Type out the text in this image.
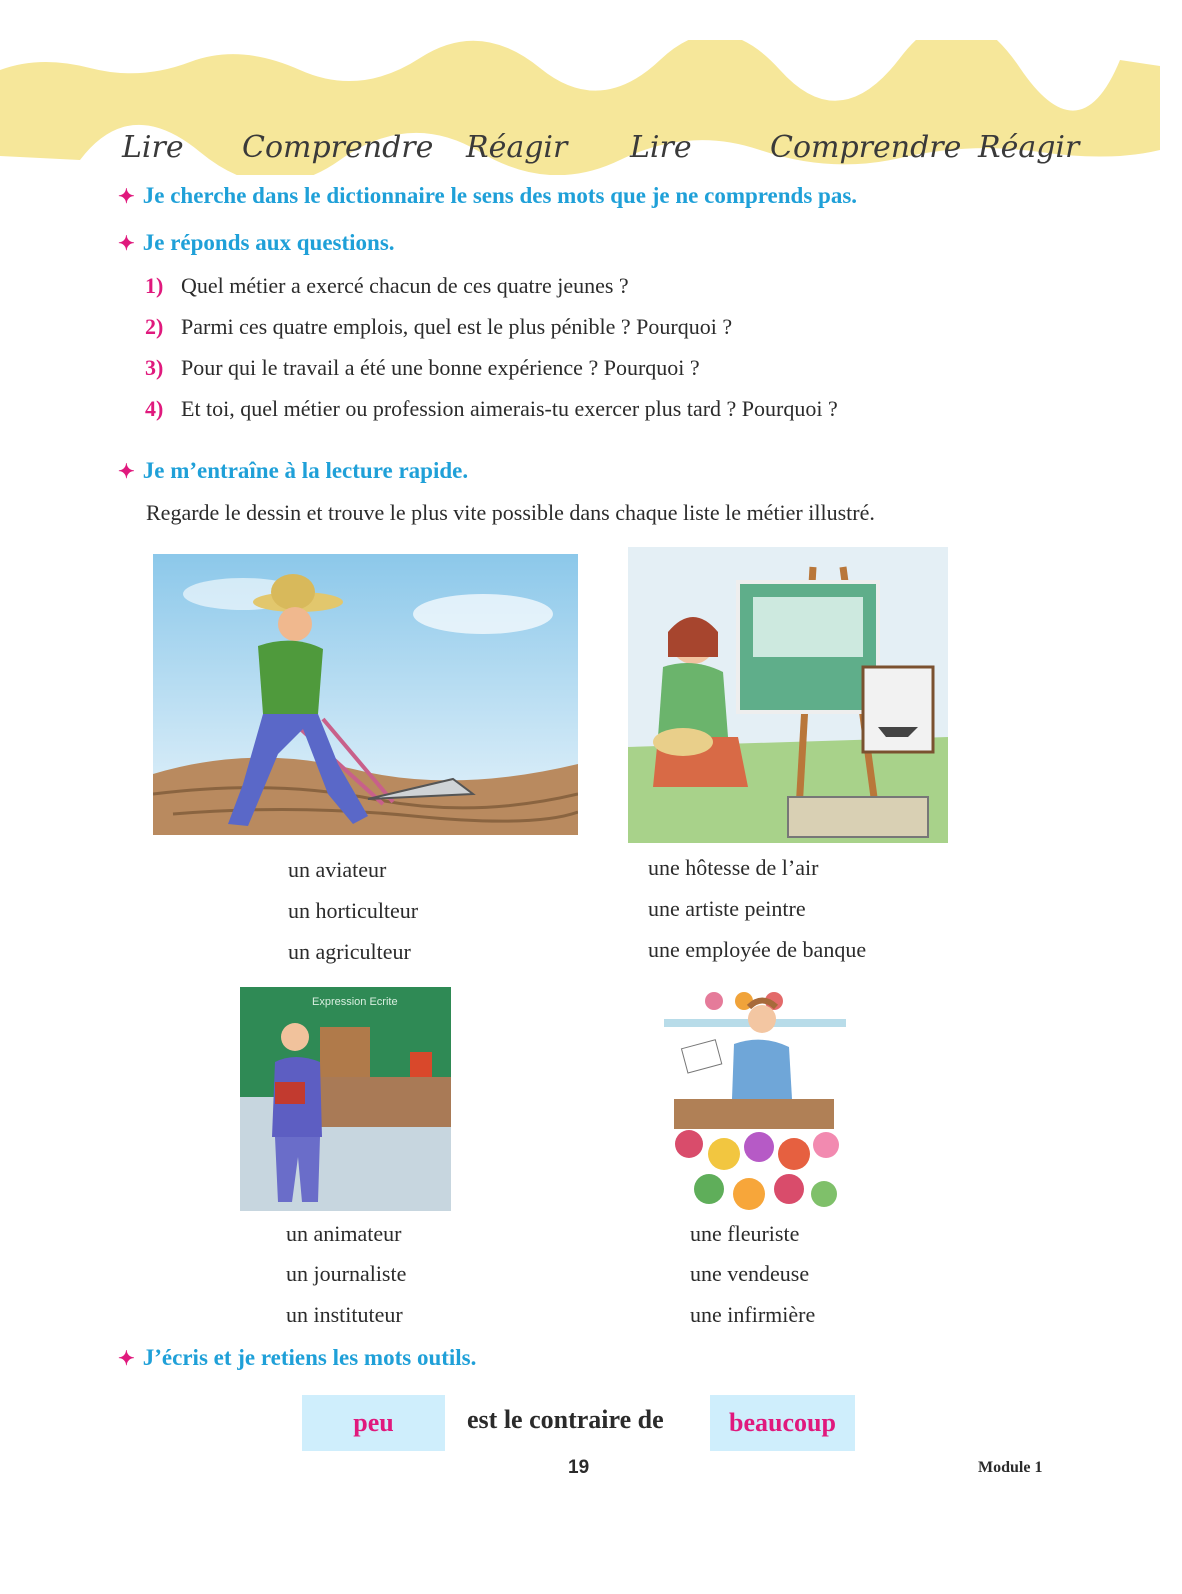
Lire Comprendre Réagir Lire	Comprendre Réagir
✦ Je cherche dans le dictionnaire le sens des mots que je ne comprends pas.
✦ Je réponds aux questions.
1) Quel métier a exercé chacun de ces quatre jeunes ?
2) Parmi ces quatre emplois, quel est le plus pénible ? Pourquoi ?
3) Pour qui le travail a été une bonne expérience ? Pourquoi ?
4) Et toi, quel métier ou profession aimerais-tu exercer plus tard ? Pourquoi ?
✦ Je m’entraîne à la lecture rapide.
Regarde le dessin et trouve le plus vite possible dans chaque liste le métier illustré.
un aviateur
un horticulteur
un agriculteur
une hôtesse de l’air
une artiste peintre
une employée de banque
Expression Ecrite
un animateur
un journaliste
un instituteur
une fleuriste
une vendeuse
une infirmière
✦ J’écris et je retiens les mots outils.
peu	est le contraire de	beaucoup
19	Module 1
